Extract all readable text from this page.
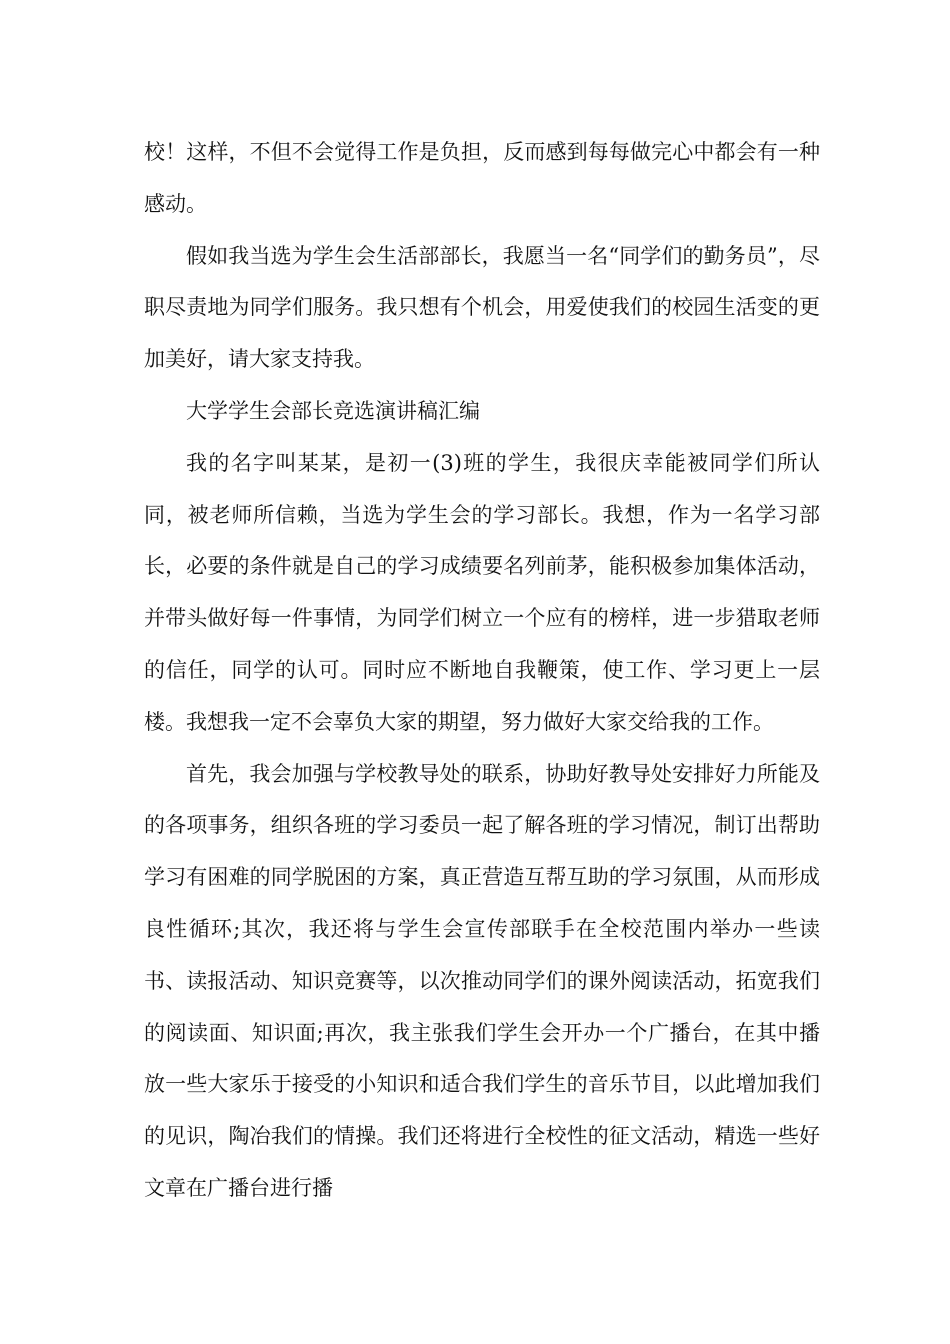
校！这样，不但不会觉得工作是负担，反而感到每每做完心中都会有一种感动。

假如我当选为学生会生活部部长，我愿当一名“同学们的勤务员”，尽职尽责地为同学们服务。我只想有个机会，用爱使我们的校园生活变的更加美好，请大家支持我。

大学学生会部长竞选演讲稿汇编

我的名字叫某某，是初一(3)班的学生，我很庆幸能被同学们所认同，被老师所信赖，当选为学生会的学习部长。我想，作为一名学习部长，必要的条件就是自己的学习成绩要名列前茅，能积极参加集体活动，并带头做好每一件事情，为同学们树立一个应有的榜样，进一步猎取老师的信任，同学的认可。同时应不断地自我鞭策，使工作、学习更上一层楼。我想我一定不会辜负大家的期望，努力做好大家交给我的工作。

首先，我会加强与学校教导处的联系，协助好教导处安排好力所能及的各项事务，组织各班的学习委员一起了解各班的学习情况，制订出帮助学习有困难的同学脱困的方案，真正营造互帮互助的学习氛围，从而形成良性循环;其次，我还将与学生会宣传部联手在全校范围内举办一些读书、读报活动、知识竞赛等，以次推动同学们的课外阅读活动，拓宽我们的阅读面、知识面;再次，我主张我们学生会开办一个广播台，在其中播放一些大家乐于接受的小知识和适合我们学生的音乐节目，以此增加我们的见识，陶冶我们的情操。我们还将进行全校性的征文活动，精选一些好文章在广播台进行播
